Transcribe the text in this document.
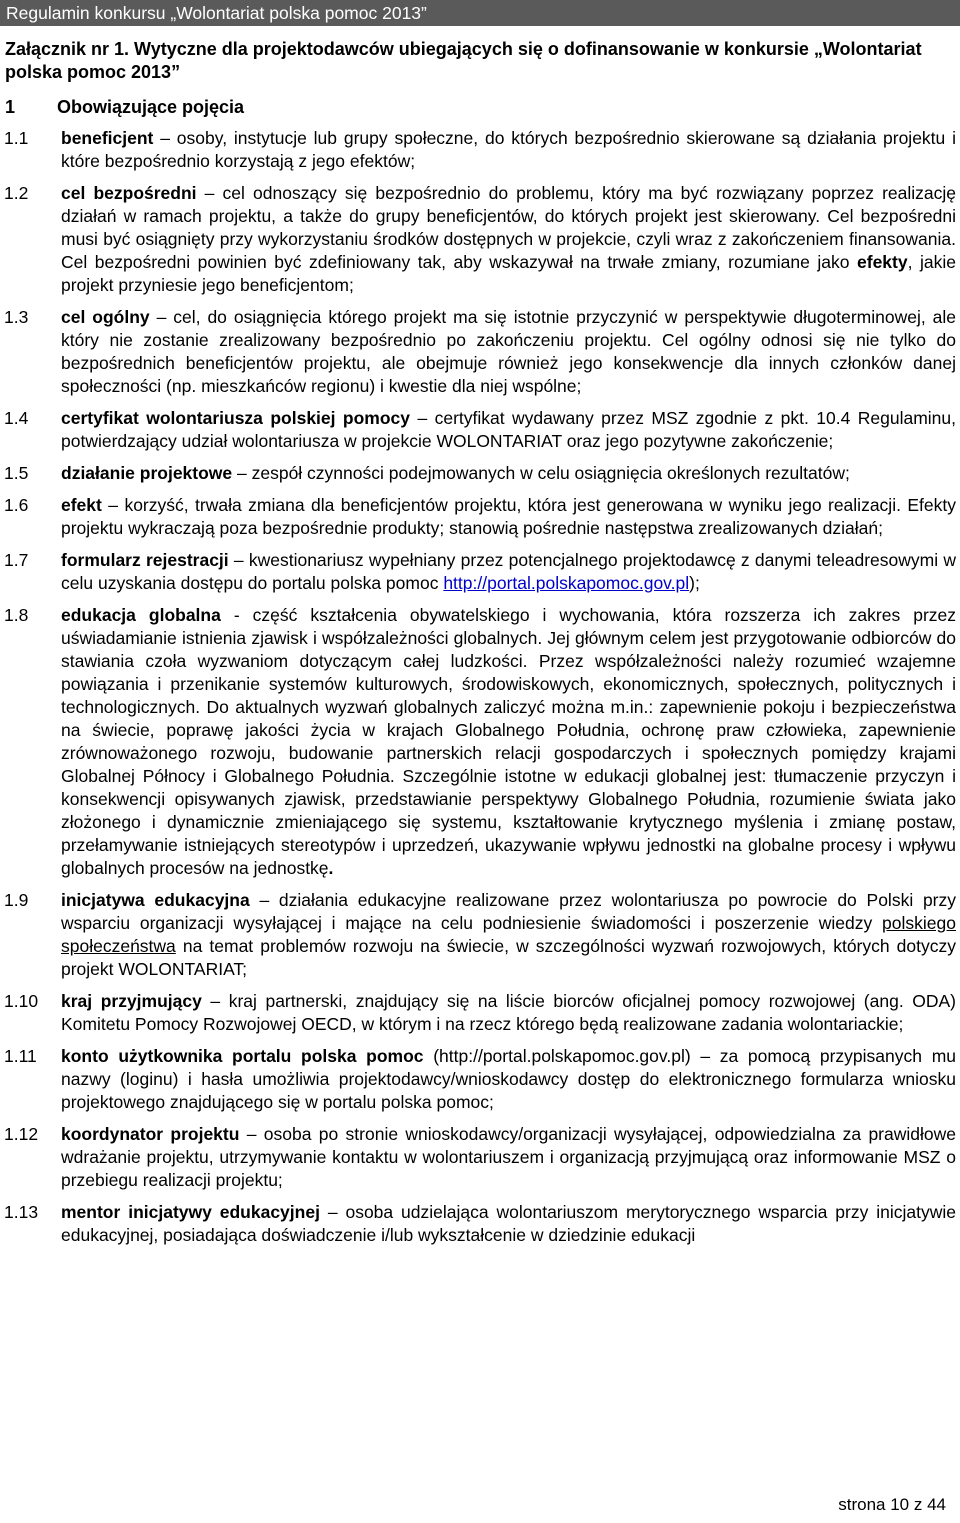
Regulamin konkursu „Wolontariat polska pomoc 2013”
Załącznik nr 1. Wytyczne dla projektodawców ubiegających się o dofinansowanie w konkursie „Wolontariat polska pomoc 2013”
1 Obowiązujące pojęcia
1.1 beneficjent – osoby, instytucje lub grupy społeczne, do których bezpośrednio skierowane są działania projektu i które bezpośrednio korzystają z jego efektów;
1.2 cel bezpośredni – cel odnoszący się bezpośrednio do problemu, który ma być rozwiązany poprzez realizację działań w ramach projektu, a także do grupy beneficjentów, do których projekt jest skierowany. Cel bezpośredni musi być osiągnięty przy wykorzystaniu środków dostępnych w projekcie, czyli wraz z zakończeniem finansowania. Cel bezpośredni powinien być zdefiniowany tak, aby wskazywał na trwałe zmiany, rozumiane jako efekty, jakie projekt przyniesie jego beneficjentom;
1.3 cel ogólny – cel, do osiągnięcia którego projekt ma się istotnie przyczynić w perspektywie długoterminowej, ale który nie zostanie zrealizowany bezpośrednio po zakończeniu projektu. Cel ogólny odnosi się nie tylko do bezpośrednich beneficjentów projektu, ale obejmuje również jego konsekwencje dla innych członków danej społeczności (np. mieszkańców regionu) i kwestie dla niej wspólne;
1.4 certyfikat wolontariusza polskiej pomocy – certyfikat wydawany przez MSZ zgodnie z pkt. 10.4 Regulaminu, potwierdzający udział wolontariusza w projekcie WOLONTARIAT oraz jego pozytywne zakończenie;
1.5 działanie projektowe – zespół czynności podejmowanych w celu osiągnięcia określonych rezultatów;
1.6 efekt – korzyść, trwała zmiana dla beneficjentów projektu, która jest generowana w wyniku jego realizacji. Efekty projektu wykraczają poza bezpośrednie produkty; stanowią pośrednie następstwa zrealizowanych działań;
1.7 formularz rejestracji – kwestionariusz wypełniany przez potencjalnego projektodawcę z danymi teleadresowymi w celu uzyskania dostępu do portalu polska pomoc http://portal.polskapomoc.gov.pl);
1.8 edukacja globalna - część kształcenia obywatelskiego i wychowania, która rozszerza ich zakres przez uświadamianie istnienia zjawisk i współzależności globalnych. Jej głównym celem jest przygotowanie odbiorców do stawiania czoła wyzwaniom dotyczącym całej ludzkości. Przez współzależności należy rozumieć wzajemne powiązania i przenikanie systemów kulturowych, środowiskowych, ekonomicznych, społecznych, politycznych i technologicznych. Do aktualnych wyzwań globalnych zaliczyć można m.in.: zapewnienie pokoju i bezpieczeństwa na świecie, poprawę jakości życia w krajach Globalnego Południa, ochronę praw człowieka, zapewnienie zrównoważonego rozwoju, budowanie partnerskich relacji gospodarczych i społecznych pomiędzy krajami Globalnej Północy i Globalnego Południa. Szczególnie istotne w edukacji globalnej jest: tłumaczenie przyczyn i konsekwencji opisywanych zjawisk, przedstawianie perspektywy Globalnego Południa, rozumienie świata jako złożonego i dynamicznie zmieniającego się systemu, kształtowanie krytycznego myślenia i zmianę postaw, przełamywanie istniejących stereotypów i uprzedzeń, ukazywanie wpływu jednostki na globalne procesy i wpływu globalnych procesów na jednostkę.
1.9 inicjatywa edukacyjna – działania edukacyjne realizowane przez wolontariusza po powrocie do Polski przy wsparciu organizacji wysyłającej i mające na celu podniesienie świadomości i poszerzenie wiedzy polskiego społeczeństwa na temat problemów rozwoju na świecie, w szczególności wyzwań rozwojowych, których dotyczy projekt WOLONTARIAT;
1.10 kraj przyjmujący – kraj partnerski, znajdujący się na liście biorców oficjalnej pomocy rozwojowej (ang. ODA) Komitetu Pomocy Rozwojowej OECD, w którym i na rzecz którego będą realizowane zadania wolontariackie;
1.11 konto użytkownika portalu polska pomoc (http://portal.polskapomoc.gov.pl) – za pomocą przypisanych mu nazwy (loginu) i hasła umożliwia projektodawcy/wnioskodawcy dostęp do elektronicznego formularza wniosku projektowego znajdującego się w portalu polska pomoc;
1.12 koordynator projektu – osoba po stronie wnioskodawcy/organizacji wysyłającej, odpowiedzialna za prawidłowe wdrażanie projektu, utrzymywanie kontaktu w wolontariuszem i organizacją przyjmującą oraz informowanie MSZ o przebiegu realizacji projektu;
1.13 mentor inicjatywy edukacyjnej – osoba udzielająca wolontariuszom merytorycznego wsparcia przy inicjatywie edukacyjnej, posiadająca doświadczenie i/lub wykształcenie w dziedzinie edukacji
strona 10 z 44
